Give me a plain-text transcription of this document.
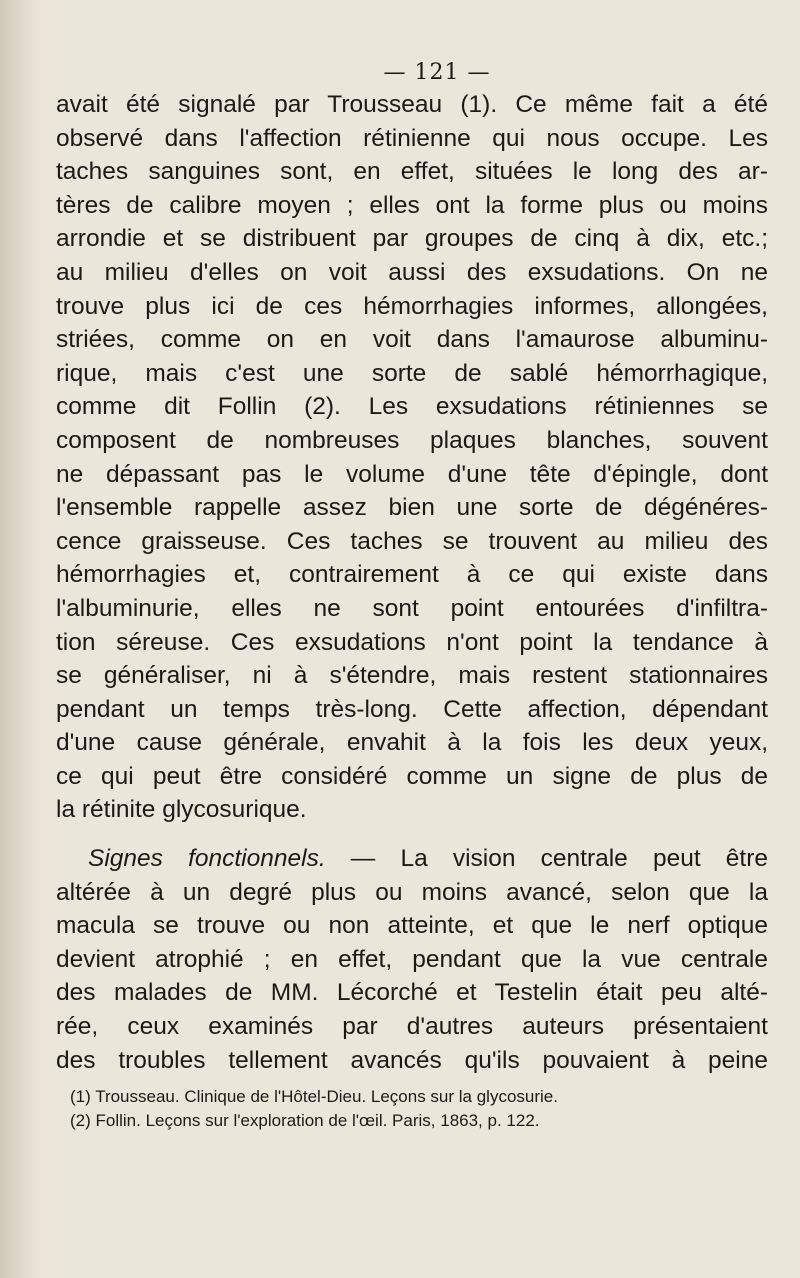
— 121 —
avait été signalé par Trousseau (1). Ce même fait a été
observé dans l'affection rétinienne qui nous occupe. Les
taches sanguines sont, en effet, situées le long des ar-
tères de calibre moyen ; elles ont la forme plus ou moins
arrondie et se distribuent par groupes de cinq à dix, etc.;
au milieu d'elles on voit aussi des exsudations. On ne
trouve plus ici de ces hémorrhagies informes, allongées,
striées, comme on en voit dans l'amaurose albuminu-
rique, mais c'est une sorte de sablé hémorrhagique,
comme dit Follin (2). Les exsudations rétiniennes se
composent de nombreuses plaques blanches, souvent
ne dépassant pas le volume d'une tête d'épingle, dont
l'ensemble rappelle assez bien une sorte de dégénéres-
cence graisseuse. Ces taches se trouvent au milieu des
hémorrhagies et, contrairement à ce qui existe dans
l'albuminurie, elles ne sont point entourées d'infiltra-
tion séreuse. Ces exsudations n'ont point la tendance à
se généraliser, ni à s'étendre, mais restent stationnaires
pendant un temps très-long. Cette affection, dépendant
d'une cause générale, envahit à la fois les deux yeux,
ce qui peut être considéré comme un signe de plus de
la rétinite glycosurique.
Signes fonctionnels. — La vision centrale peut être
altérée à un degré plus ou moins avancé, selon que la
macula se trouve ou non atteinte, et que le nerf optique
devient atrophié ; en effet, pendant que la vue centrale
des malades de MM. Lécorché et Testelin était peu alté-
rée, ceux examinés par d'autres auteurs présentaient
des troubles tellement avancés qu'ils pouvaient à peine
(1) Trousseau. Clinique de l'Hôtel-Dieu. Leçons sur la glycosurie.
(2) Follin. Leçons sur l'exploration de l'œil. Paris, 1863, p. 122.
